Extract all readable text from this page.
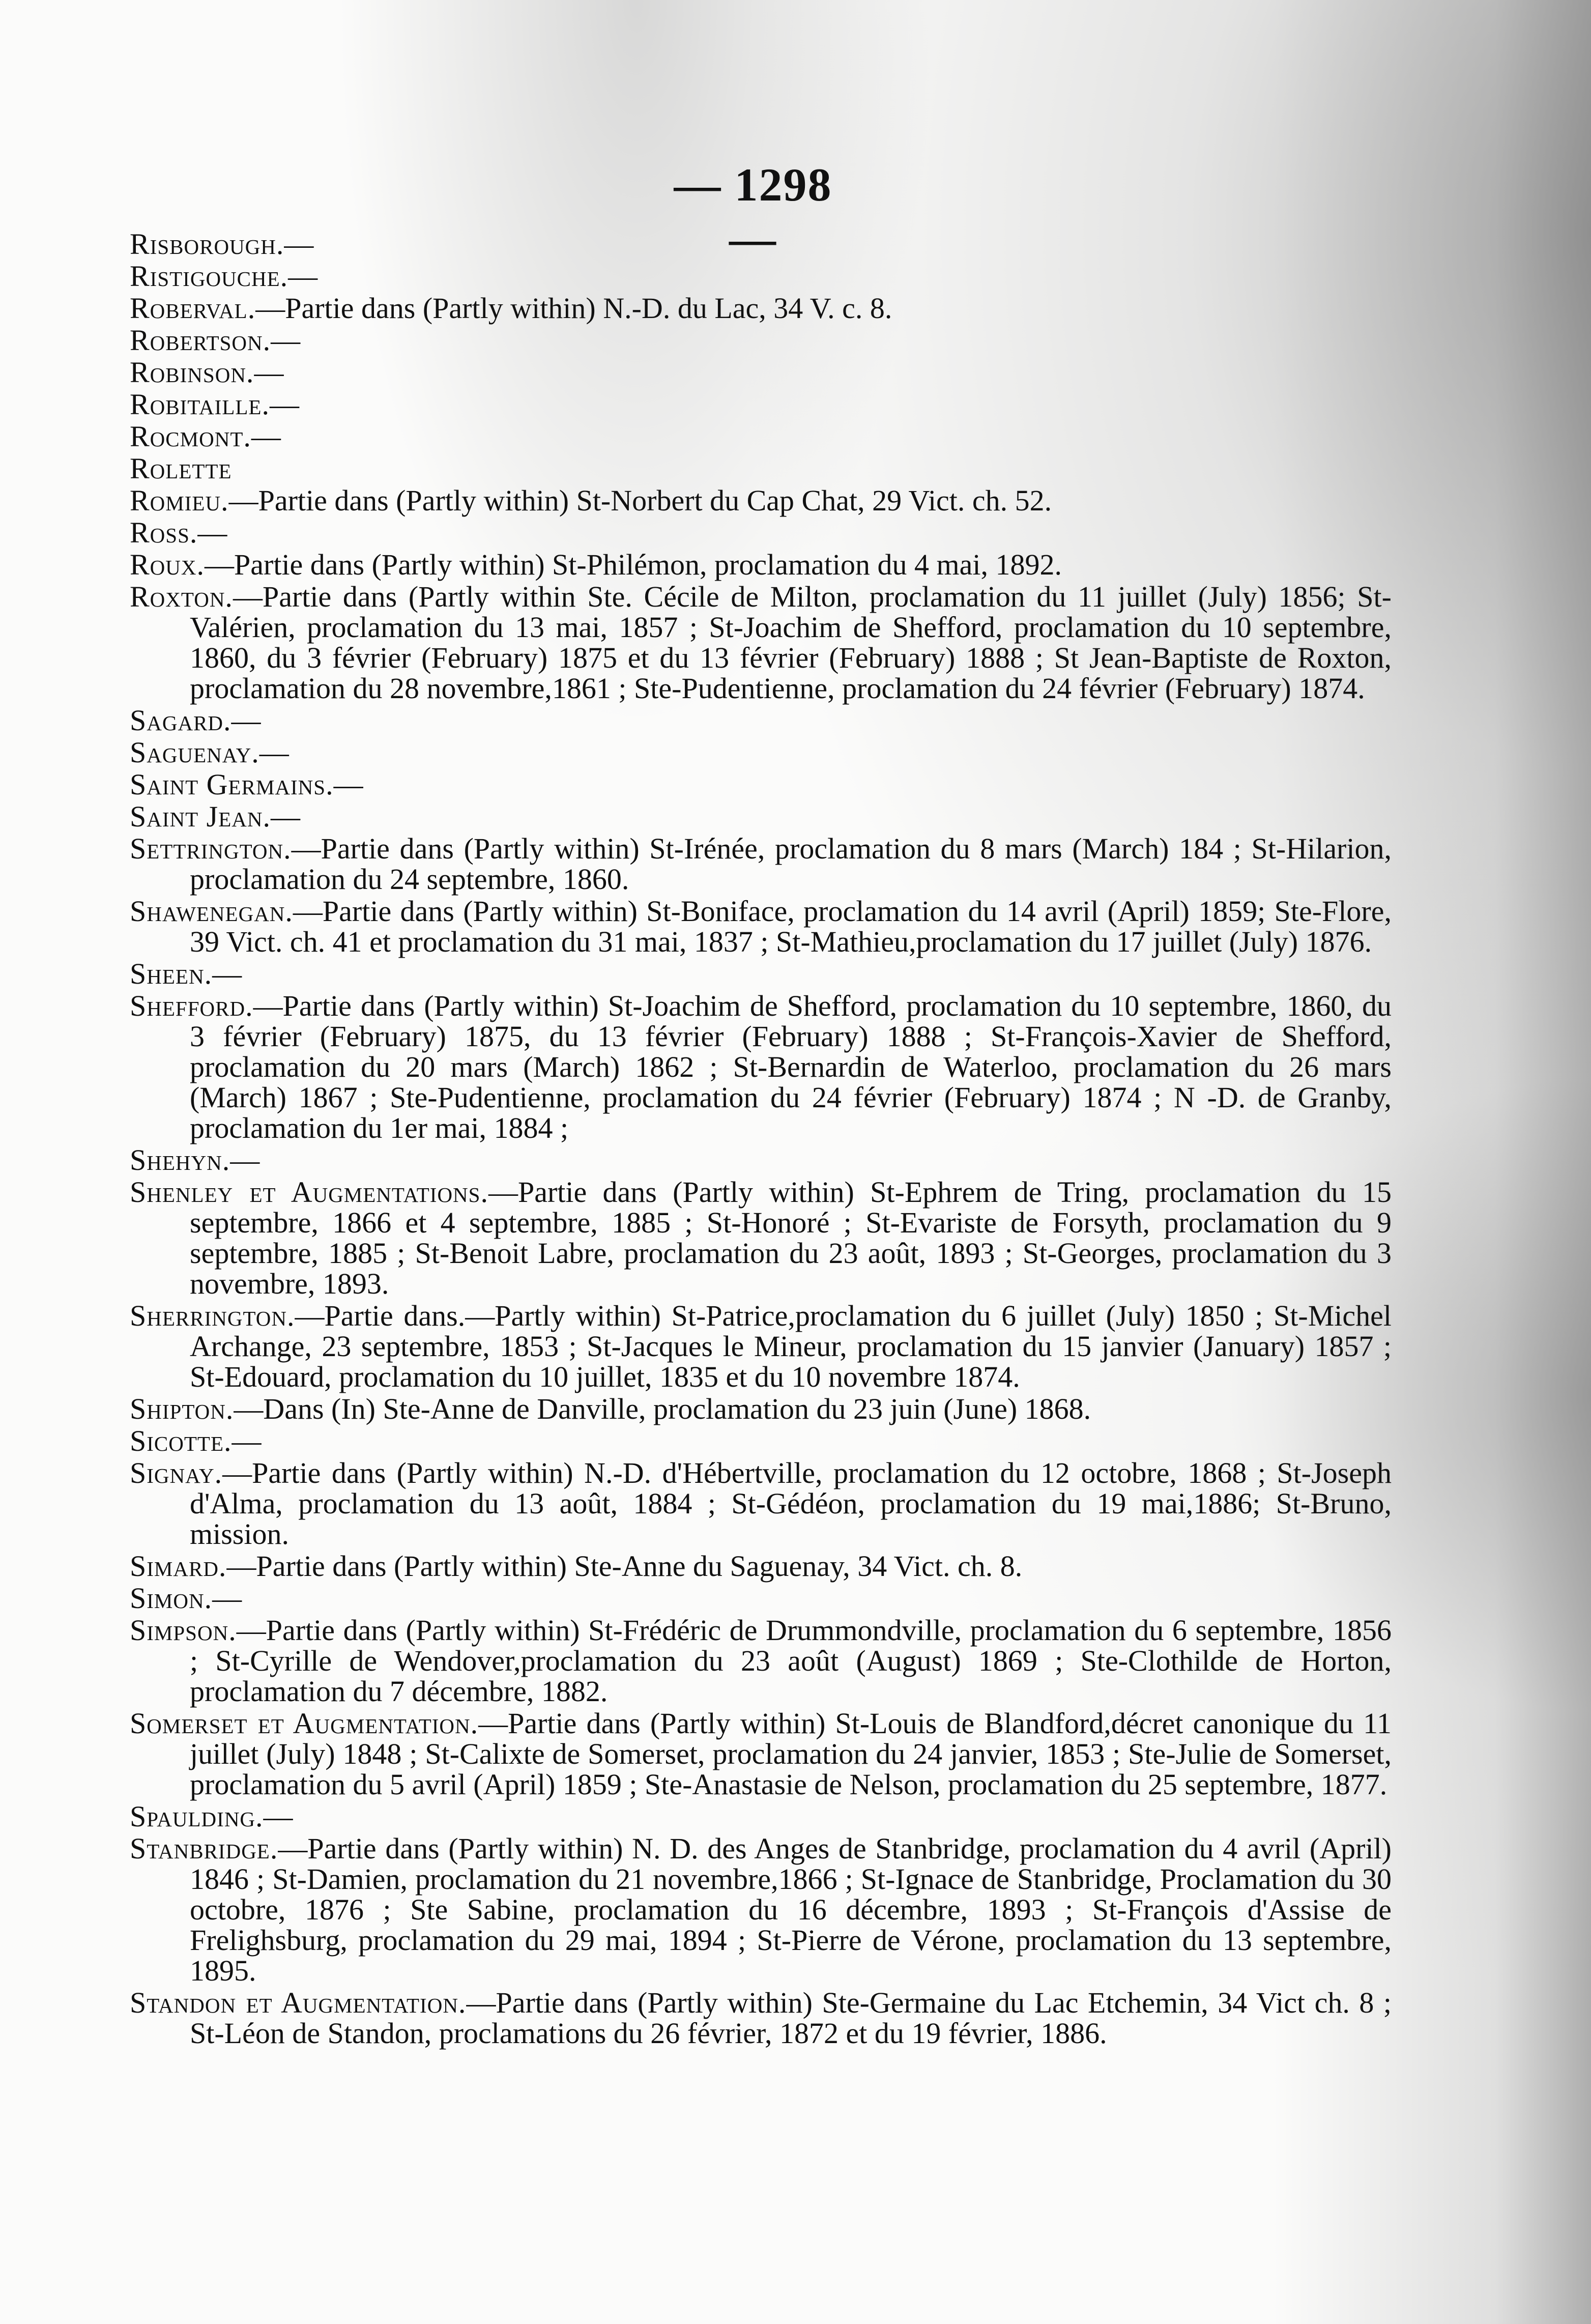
— 1298 —

Risborough.—

Ristigouche.—

Roberval.—Partie dans (Partly within) N.-D. du Lac, 34 V. c. 8.

Robertson.—

Robinson.—

Robitaille.—

Rocmont.—

Rolette

Romieu.—Partie dans (Partly within) St-Norbert du Cap Chat, 29 Vict. ch. 52.

Ross.—

Roux.—Partie dans (Partly within) St-Philémon, proclamation du 4 mai, 1892.

Roxton.—Partie dans (Partly within Ste. Cécile de Milton, proclamation du 11 juillet (July) 1856; St-Valérien, proclamation du 13 mai, 1857 ; St-Joachim de Shefford, proclamation du 10 septembre, 1860, du 3 février (February) 1875 et du 13 février (February) 1888 ; St Jean-Baptiste de Roxton, proclamation du 28 novembre,1861 ; Ste-Pudentienne, proclamation du 24 février (February) 1874.

Sagard.—

Saguenay.—

Saint Germains.—

Saint Jean.—

Settrington.—Partie dans (Partly within) St-Irénée, proclamation du 8 mars (March) 184 ; St-Hilarion, proclamation du 24 septembre, 1860.

Shawenegan.—Partie dans (Partly within) St-Boniface, proclamation du 14 avril (April) 1859; Ste-Flore, 39 Vict. ch. 41 et proclamation du 31 mai, 1837 ; St-Mathieu,proclamation du 17 juillet (July) 1876.

Sheen.—

Shefford.—Partie dans (Partly within) St-Joachim de Shefford, proclamation du 10 septembre, 1860, du 3 février (February) 1875, du 13 février (February) 1888 ; St-François-Xavier de Shefford, proclamation du 20 mars (March) 1862 ; St-Bernardin de Waterloo, proclamation du 26 mars (March) 1867 ; Ste-Pudentienne, proclamation du 24 février (February) 1874 ; N -D. de Granby, proclamation du 1er mai, 1884 ;

Shehyn.—

Shenley et Augmentations.—Partie dans (Partly within) St-Ephrem de Tring, proclamation du 15 septembre, 1866 et 4 septembre, 1885 ; St-Honoré ; St-Evariste de Forsyth, proclamation du 9 septembre, 1885 ; St-Benoit Labre, proclamation du 23 août, 1893 ; St-Georges, proclamation du 3 novembre, 1893.

Sherrington.—Partie dans.—Partly within) St-Patrice,proclamation du 6 juillet (July) 1850 ; St-Michel Archange, 23 septembre, 1853 ; St-Jacques le Mineur, proclamation du 15 janvier (January) 1857 ; St-Edouard, proclamation du 10 juillet, 1835 et du 10 novembre 1874.

Shipton.—Dans (In) Ste-Anne de Danville, proclamation du 23 juin (June) 1868.

Sicotte.—

Signay.—Partie dans (Partly within) N.-D. d'Hébertville, proclamation du 12 octobre, 1868 ; St-Joseph d'Alma, proclamation du 13 août, 1884 ; St-Gédéon, proclamation du 19 mai,1886; St-Bruno, mission.

Simard.—Partie dans (Partly within) Ste-Anne du Saguenay, 34 Vict. ch. 8.

Simon.—

Simpson.—Partie dans (Partly within) St-Frédéric de Drummondville, proclamation du 6 septembre, 1856 ; St-Cyrille de Wendover,proclamation du 23 août (August) 1869 ; Ste-Clothilde de Horton, proclamation du 7 décembre, 1882.

Somerset et Augmentation.—Partie dans (Partly within) St-Louis de Blandford,décret canonique du 11 juillet (July) 1848 ; St-Calixte de Somerset, proclamation du 24 janvier, 1853 ; Ste-Julie de Somerset, proclamation du 5 avril (April) 1859 ; Ste-Anastasie de Nelson, proclamation du 25 septembre, 1877.

Spaulding.—

Stanbridge.—Partie dans (Partly within) N. D. des Anges de Stanbridge, proclamation du 4 avril (April) 1846 ; St-Damien, proclamation du 21 novembre,1866 ; St-Ignace de Stanbridge, Proclamation du 30 octobre, 1876 ; Ste Sabine, proclamation du 16 décembre, 1893 ; St-François d'Assise de Frelighsburg, proclamation du 29 mai, 1894 ; St-Pierre de Vérone, proclamation du 13 septembre, 1895.

Standon et Augmentation.—Partie dans (Partly within) Ste-Germaine du Lac Etchemin, 34 Vict ch. 8 ; St-Léon de Standon, proclamations du 26 février, 1872 et du 19 février, 1886.
